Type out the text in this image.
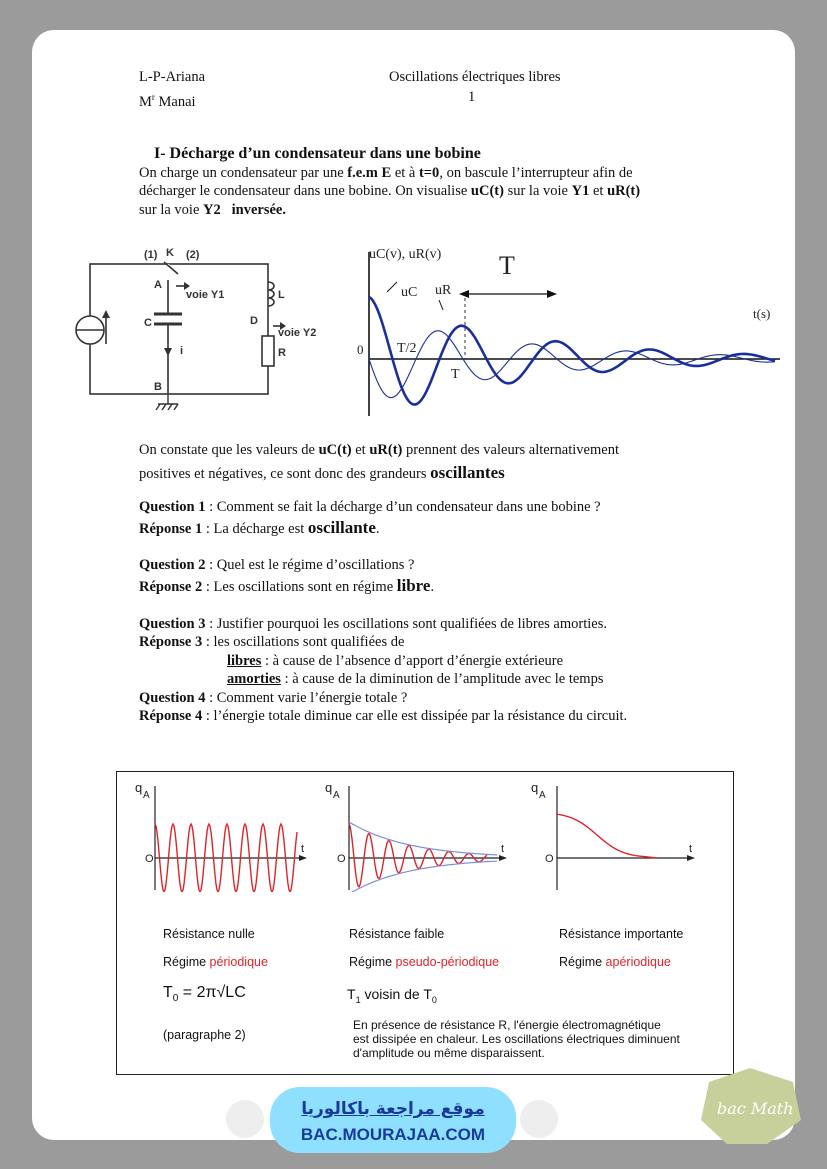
L-P-Ariana
$M^r$ Manai
Oscillations électriques libres
1
I- Décharge d’un condensateur dans une bobine
On charge un condensateur par une f.e.m E et à t=0, on bascule l’interrupteur afin de
décharger le condensateur dans une bobine. On visualise uC(t) sur la voie Y1 et uR(t)
sur la voie Y2 inversée.
(1) K (2)
A
voie Y1
C
i
B
L
D
voie Y2
R
uC(v), uR(v) T
uC uR
t(s)
0 T/2
T
On constate que les valeurs de uC(t) et uR(t) prennent des valeurs alternativement
positives et négatives, ce sont donc des grandeurs oscillantes
Question 1 : Comment se fait la décharge d’un condensateur dans une bobine ?
Réponse 1 : La décharge est oscillante.
Question 2 : Quel est le régime d’oscillations ?
Réponse 2 : Les oscillations sont en régime libre.
Question 3 : Justifier pourquoi les oscillations sont qualifiées de libres amorties.
Réponse 3 : les oscillations sont qualifiées de
libres : à cause de l’absence d’apport d’énergie extérieure
amorties : à cause de la diminution de l’amplitude avec le temps
Question 4 : Comment varie l’énergie totale ?
Réponse 4 : l’énergie totale diminue car elle est dissipée par la résistance du circuit.
q
A
q
A
q
A
O	O	O
t	t	t
Résistance nulle
Régime périodique
$T_0 = 2\pi√LC$
(paragraphe 2)
Résistance faible
Régime pseudo-périodique
$T_1$ voisin de $T_0$
Résistance importante
Régime apériodique
En présence de résistance R, l'énergie électromagnétique
est dissipée en chaleur. Les oscillations électriques diminuent
d'amplitude ou même disparaissent.
موقع مراجعة باكالوريا
BAC.MOURAJAA.COM
bac Math
